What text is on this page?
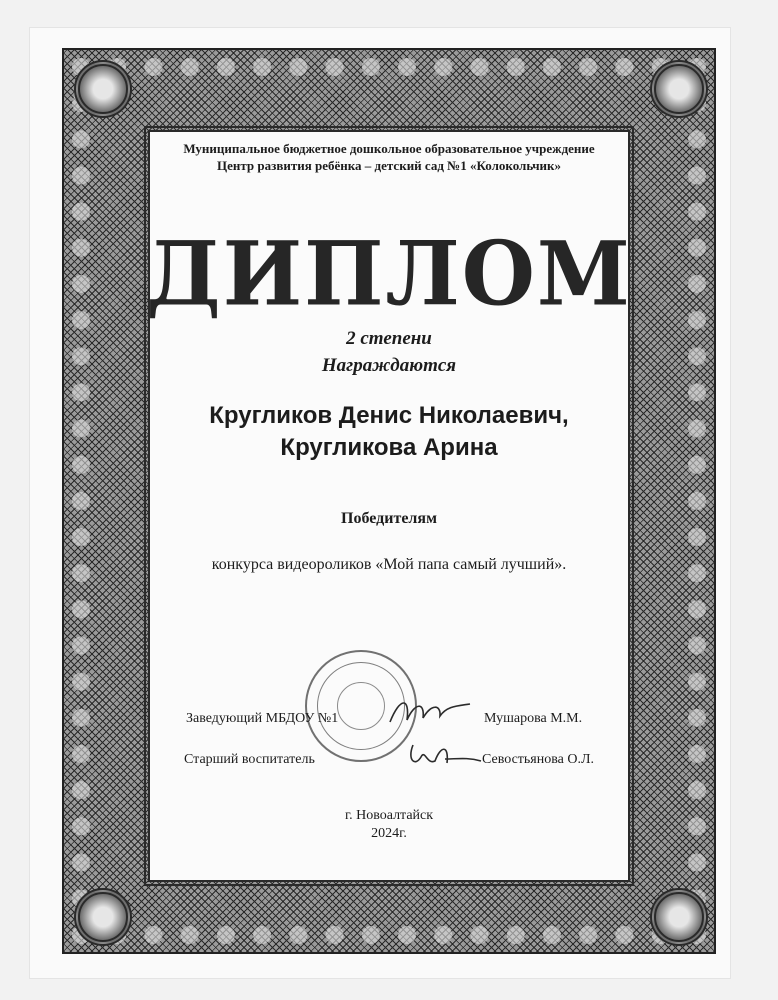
Муниципальное бюджетное дошкольное образовательное учреждение
Центр развития ребёнка – детский сад №1 «Колокольчик»
ДИПЛОМ
2 степени
Награждаются
Кругликов Денис Николаевич,
Кругликова Арина
Победителям
конкурса видеороликов «Мой папа самый лучший».
Заведующий МБДОУ №1	Мушарова М.М.
Старший воспитатель	Севостьянова О.Л.
г. Новоалтайск
2024г.
